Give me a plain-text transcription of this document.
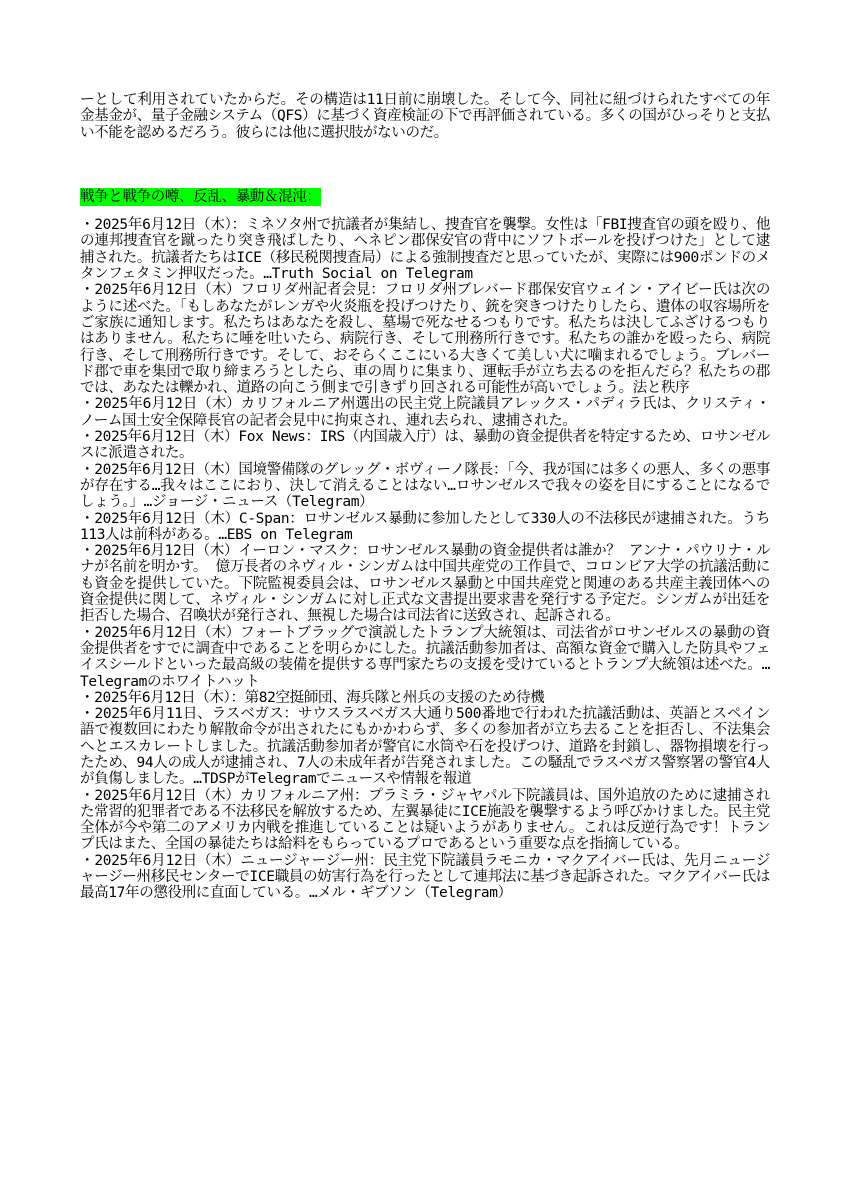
ーとして利用されていたからだ。その構造は11日前に崩壊した。そして今、同社に紐づけられたすべての年金基金が、量子金融システム（QFS）に基づく資産検証の下で再評価されている。多くの国がひっそりと支払い不能を認めるだろう。彼らには他に選択肢がないのだ。

戦争と戦争の噂、反乱、暴動＆混沌：

・2025年6月12日（木）：ミネソタ州で抗議者が集結し、捜査官を襲撃。女性は「FBI捜査官の頭を殴り、他の連邦捜査官を蹴ったり突き飛ばしたり、ヘネピン郡保安官の背中にソフトボールを投げつけた」として逮捕された。抗議者たちはICE（移民税関捜査局）による強制捜査だと思っていたが、実際には900ポンドのメタンフェタミン押収だった。…Truth Social on Telegram

・2025年6月12日（木）フロリダ州記者会見：フロリダ州ブレバード郡保安官ウェイン・アイビー氏は次のように述べた。「もしあなたがレンガや火炎瓶を投げつけたり、銃を突きつけたりしたら、遺体の収容場所をご家族に通知します。私たちはあなたを殺し、墓場で死なせるつもりです。私たちは決してふざけるつもりはありません。私たちに唾を吐いたら、病院行き、そして刑務所行きです。私たちの誰かを殴ったら、病院行き、そして刑務所行きです。そして、おそらくここにいる大きくて美しい犬に噛まれるでしょう。ブレバード郡で車を集団で取り締まろうとしたら、車の周りに集まり、運転手が立ち去るのを拒んだら？私たちの郡では、あなたは轢かれ、道路の向こう側まで引きずり回される可能性が高いでしょう。法と秩序

・2025年6月12日（木）カリフォルニア州選出の民主党上院議員アレックス・パディラ氏は、クリスティ・ノーム国土安全保障長官の記者会見中に拘束され、連れ去られ、逮捕された。

・2025年6月12日（木）Fox News：IRS（内国歳入庁）は、暴動の資金提供者を特定するため、ロサンゼルスに派遣された。

・2025年6月12日（木）国境警備隊のグレッグ・ボヴィーノ隊長：「今、我が国には多くの悪人、多くの悪事が存在する…我々はここにおり、決して消えることはない…ロサンゼルスで我々の姿を目にすることになるでしょう。」…ジョージ・ニュース（Telegram）

・2025年6月12日（木）C-Span：ロサンゼルス暴動に参加したとして330人の不法移民が逮捕された。うち113人は前科がある。…EBS on Telegram

・2025年6月12日（木）イーロン・マスク：ロサンゼルス暴動の資金提供者は誰か？ アンナ・パウリナ・ルナが名前を明かす。 億万長者のネヴィル・シンガムは中国共産党の工作員で、コロンビア大学の抗議活動にも資金を提供していた。下院監視委員会は、ロサンゼルス暴動と中国共産党と関連のある共産主義団体への資金提供に関して、ネヴィル・シンガムに対し正式な文書提出要求書を発行する予定だ。シンガムが出廷を拒否した場合、召喚状が発行され、無視した場合は司法省に送致され、起訴される。

・2025年6月12日（木）フォートブラッグで演説したトランプ大統領は、司法省がロサンゼルスの暴動の資金提供者をすでに調査中であることを明らかにした。抗議活動参加者は、高額な資金で購入した防具やフェイスシールドといった最高級の装備を提供する専門家たちの支援を受けているとトランプ大統領は述べた。…Telegramのホワイトハット

・2025年6月12日（木）：第82空挺師団、海兵隊と州兵の支援のため待機

・2025年6月11日、ラスベガス：サウスラスベガス大通り500番地で行われた抗議活動は、英語とスペイン語で複数回にわたり解散命令が出されたにもかかわらず、多くの参加者が立ち去ることを拒否し、不法集会へとエスカレートしました。抗議活動参加者が警官に水筒や石を投げつけ、道路を封鎖し、器物損壊を行ったため、94人の成人が逮捕され、7人の未成年者が告発されました。この騒乱でラスベガス警察署の警官4人が負傷しました。…TDSPがTelegramでニュースや情報を報道

・2025年6月12日（木）カリフォルニア州：プラミラ・ジャヤパル下院議員は、国外追放のために逮捕された常習的犯罪者である不法移民を解放するため、左翼暴徒にICE施設を襲撃するよう呼びかけました。民主党全体が今や第二のアメリカ内戦を推進していることは疑いようがありません。これは反逆行為です！トランプ氏はまた、全国の暴徒たちは給料をもらっているプロであるという重要な点を指摘している。

・2025年6月12日（木）ニュージャージー州：民主党下院議員ラモニカ・マクアイバー氏は、先月ニュージャージー州移民センターでICE職員の妨害行為を行ったとして連邦法に基づき起訴された。マクアイバー氏は最高17年の懲役刑に直面している。…メル・ギブソン（Telegram）
